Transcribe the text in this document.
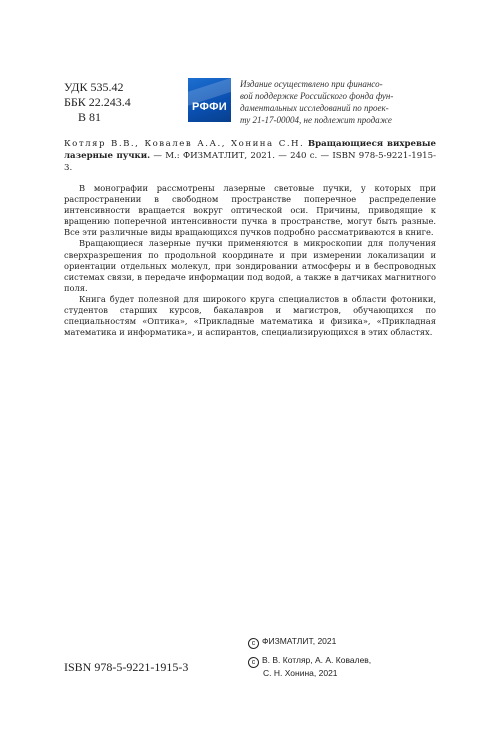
УДК 535.42
ББК 22.243.4
В 81
РФФИ
Издание осуществлено при финансо-
вой поддержке Российского фонда фун-
даментальных исследований по проек-
ту 21-17-00004, не подлежит продаже
Котляр В.В., Ковалев А.А., Хонина С.Н. Вращающиеся вихревые лазерные пучки. — М.: ФИЗМАТЛИТ, 2021. — 240 с. — ISBN 978-5-9221-1915-3.

В монографии рассмотрены лазерные световые пучки, у которых при распространении в свободном пространстве поперечное распределение интенсивности вращается вокруг оптической оси. Причины, приводящие к вращению поперечной интенсивности пучка в пространстве, могут быть разные. Все эти различные виды вращающихся пучков подробно рассматриваются в книге.

Вращающиеся лазерные пучки применяются в микроскопии для получения сверхразрешения по продольной координате и при измерении локализации и ориентации отдельных молекул, при зондировании атмосферы и в беспроводных системах связи, в передаче информации под водой, а также в датчиках магнитного поля.

Книга будет полезной для широкого круга специалистов в области фотоники, студентов старших курсов, бакалавров и магистров, обучающихся по специальностям «Оптика», «Прикладные математика и физика», «Прикладная математика и информатика», и аспирантов, специализирующихся в этих областях.

ISBN 978-5-9221-1915-3
c ФИЗМАТЛИТ, 2021
c В. В. Котляр, А. А. Ковалев,
С. Н. Хонина, 2021
